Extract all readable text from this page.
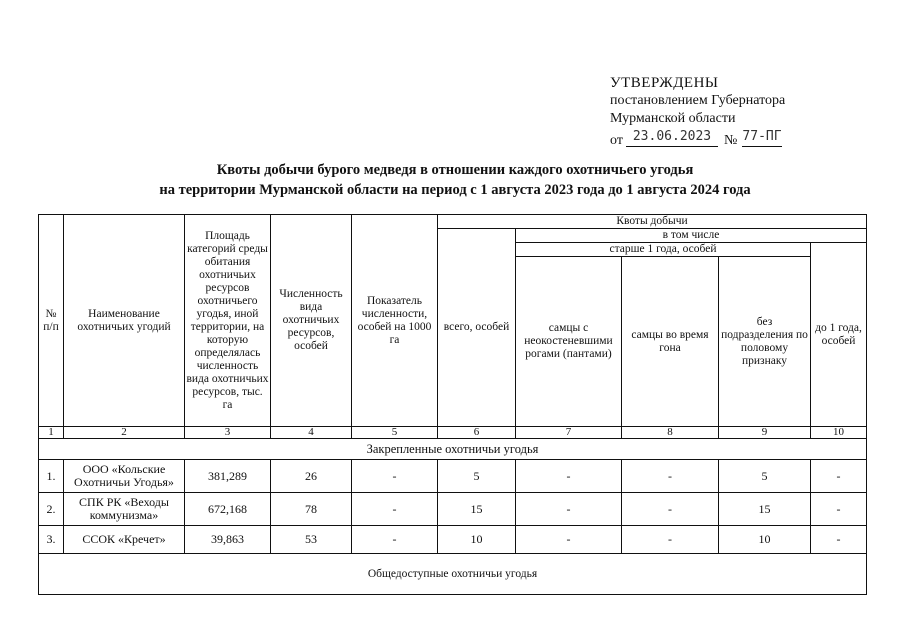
УТВЕРЖДЕНЫ
постановлением Губернатора
Мурманской области
от 23.06.2023 № 77-ПГ
Квоты добычи бурого медведя в отношении каждого охотничьего угодья
на территории Мурманской области на период с 1 августа 2023 года до 1 августа 2024 года
№ п/п	Наименование охотничьих угодий	Площадь категорий среды обитания охотничьих ресурсов охотничьего угодья, иной территории, на которую определялась численность вида охотничьих ресурсов, тыс. га	Численность вида охотничьих ресурсов, особей	Показатель численности, особей на 1000 га	Квоты добычи				
					всего, особей	в том числе			
						старше 1 года, особей			до 1 года, особей
						самцы с неокостеневшими рогами (пантами)	самцы во время гона	без подразделения по половому признаку	
1	2	3	4	5	6	7	8	9	10
Закрепленные охотничьи угодья									
1.	ООО «Кольские Охотничьи Угодья»	381,289	26	-	5	-	-	5	-
2.	СПК РК «Веходы коммунизма»	672,168	78	-	15	-	-	15	-
3.	ССОК «Кречет»	39,863	53	-	10	-	-	10	-
Общедоступные охотничьи угодья									
